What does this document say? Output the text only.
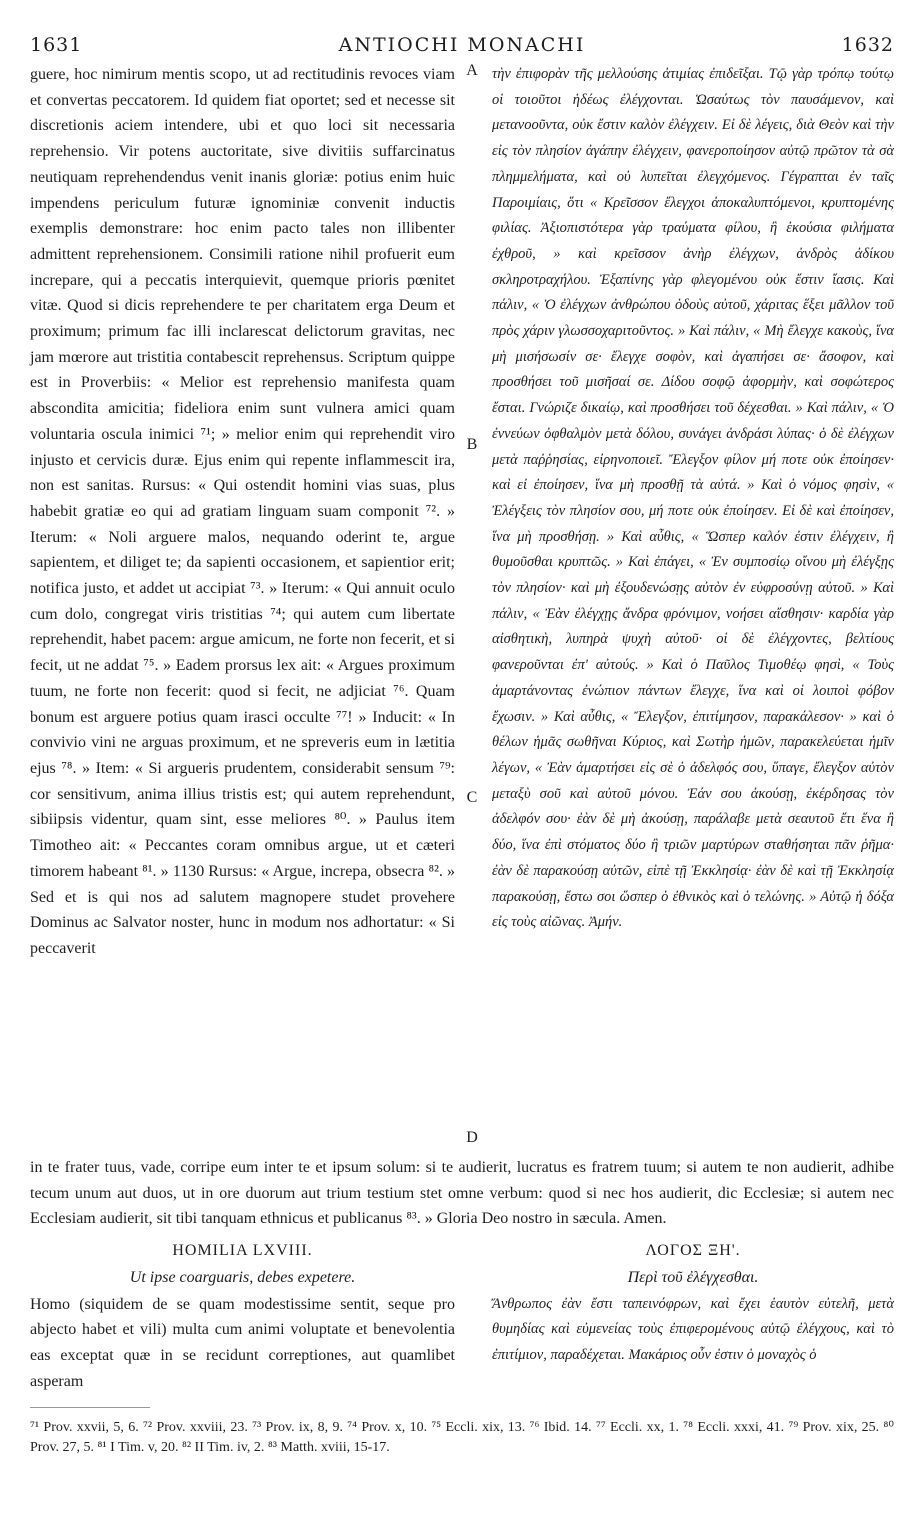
1631	ANTIOCHI MONACHI	1632

guere, hoc nimirum mentis scopo, ut ad rectitudinis revoces viam et convertas peccatorem. Id quidem fiat oportet; sed et necesse sit discretionis aciem intendere, ubi et quo loci sit necessaria reprehensio. Vir potens auctoritate, sive divitiis suffarcinatus neutiquam reprehendendus venit inanis gloriæ: potius enim huic impendens periculum futuræ ignominiæ convenit inductis exemplis demonstrare: hoc enim pacto tales non illibenter admittent reprehensionem. Consimili ratione nihil profuerit eum increpare, qui a peccatis interquievit, quemque prioris pœnitet vitæ. Quod si dicis reprehendere te per charitatem erga Deum et proximum; primum fac illi inclarescat delictorum gravitas, nec jam mœrore aut tristitia contabescit reprehensus. Scriptum quippe est in Proverbiis: « Melior est reprehensio manifesta quam abscondita amicitia; fideliora enim sunt vulnera amici quam voluntaria oscula inimici ⁷¹; » melior enim qui reprehendit viro injusto et cervicis duræ. Ejus enim qui repente inflammescit ira, non est sanitas. Rursus: « Qui ostendit homini vias suas, plus habebit gratiæ eo qui ad gratiam linguam suam componit ⁷². » Iterum: « Noli arguere malos, nequando oderint te, argue sapientem, et diliget te; da sapienti occasionem, et sapientior erit; notifica justo, et addet ut accipiat ⁷³. » Iterum: « Qui annuit oculo cum dolo, congregat viris tristitias ⁷⁴; qui autem cum libertate reprehendit, habet pacem: argue amicum, ne forte non fecerit, et si fecit, ut ne addat ⁷⁵. » Eadem prorsus lex ait: « Argues proximum tuum, ne forte non fecerit: quod si fecit, ne adjiciat ⁷⁶. Quam bonum est arguere potius quam irasci occulte ⁷⁷! » Inducit: « In convivio vini ne arguas proximum, et ne spreveris eum in lætitia ejus ⁷⁸. » Item: « Si argueris prudentem, considerabit sensum ⁷⁹: cor sensitivum, anima illius tristis est; qui autem reprehendunt, sibiipsis videntur, quam sint, esse meliores ⁸⁰. » Paulus item Timotheo ait: « Peccantes coram omnibus argue, ut et cæteri timorem habeant ⁸¹. » 1130 Rursus: « Argue, increpa, obsecra ⁸². » Sed et is qui nos ad salutem magnopere studet provehere Dominus ac Salvator noster, hunc in modum nos adhortatur: « Si peccaverit

τὴν ἐπιφορὰν τῆς μελλούσης ἀτιμίας ἐπιδεῖξαι. Τῷ γὰρ τρόπῳ τούτῳ οἱ τοιοῦτοι ἡδέως ἐλέγχονται. Ὡσαύτως τὸν παυσάμενον, καὶ μετανοοῦντα, οὐκ ἔστιν καλὸν ἐλέγχειν. Εἰ δὲ λέγεις, διὰ Θεὸν καὶ τὴν εἰς τὸν πλησίον ἀγάπην ἐλέγχειν, φανεροποίησον αὐτῷ πρῶτον τὰ σὰ πλημμελήματα, καὶ οὐ λυπεῖται ἐλεγχόμενος. Γέγραπται ἐν ταῖς Παροιμίαις, ὅτι « Κρεῖσσον ἔλεγχοι ἀποκαλυπτόμενοι, κρυπτομένης φιλίας. Ἀξιοπιστότερα γὰρ τραύματα φίλου, ἢ ἑκούσια φιλήματα ἐχθροῦ, » καὶ κρεῖσσον ἀνὴρ ἐλέγχων, ἀνδρὸς ἀδίκου σκληροτραχήλου. Ἐξαπίνης γὰρ φλεγομένου οὐκ ἔστιν ἴασις. Καὶ πάλιν, « Ὁ ἐλέγχων ἀνθρώπου ὁδοὺς αὐτοῦ, χάριτας ἕξει μᾶλλον τοῦ πρὸς χάριν γλωσσοχαριτοῦντος. » Καὶ πάλιν, « Μὴ ἔλεγχε κακοὺς, ἵνα μὴ μισήσωσίν σε· ἔλεγχε σοφὸν, καὶ ἀγαπήσει σε· ἄσοφον, καὶ προσθήσει τοῦ μισῆσαί σε. Δίδου σοφῷ ἀφορμὴν, καὶ σοφώτερος ἔσται. Γνώριζε δικαίῳ, καὶ προσθήσει τοῦ δέχεσθαι. » Καὶ πάλιν, « Ὁ ἐννεύων ὀφθαλμὸν μετὰ δόλου, συνάγει ἀνδράσι λύπας· ὁ δὲ ἐλέγχων μετὰ παῤῥησίας, εἰρηνοποιεῖ. Ἔλεγξον φίλον μή ποτε οὐκ ἐποίησεν· καὶ εἰ ἐποίησεν, ἵνα μὴ προσθῇ τὰ αὐτά. » Καὶ ὁ νόμος φησὶν, « Ἐλέγξεις τὸν πλησίον σου, μή ποτε οὐκ ἐποίησεν. Εἰ δὲ καὶ ἐποίησεν, ἵνα μὴ προσθήσῃ. » Καὶ αὖθις, « Ὥσπερ καλόν ἐστιν ἐλέγχειν, ἢ θυμοῦσθαι κρυπτῶς. » Καὶ ἐπάγει, « Ἐν συμποσίῳ οἴνου μὴ ἐλέγξῃς τὸν πλησίον· καὶ μὴ ἐξουδενώσῃς αὐτὸν ἐν εὐφροσύνῃ αὐτοῦ. » Καὶ πάλιν, « Ἐὰν ἐλέγχῃς ἄνδρα φρόνιμον, νοήσει αἴσθησιν· καρδία γὰρ αἰσθητικὴ, λυπηρὰ ψυχὴ αὐτοῦ· οἱ δὲ ἐλέγχοντες, βελτίους φανεροῦνται ἐπ' αὐτούς. » Καὶ ὁ Παῦλος Τιμοθέῳ φησὶ, « Τοὺς ἁμαρτάνοντας ἐνώπιον πάντων ἔλεγχε, ἵνα καὶ οἱ λοιποὶ φόβον ἔχωσιν. » Καὶ αὖθις, « Ἔλεγξον, ἐπιτίμησον, παρακάλεσον· » καὶ ὁ θέλων ἡμᾶς σωθῆναι Κύριος, καὶ Σωτὴρ ἡμῶν, παρακελεύεται ἡμῖν λέγων, « Ἐὰν ἁμαρτήσει εἰς σὲ ὁ ἀδελφός σου, ὕπαγε, ἔλεγξον αὐτὸν μεταξὺ σοῦ καὶ αὐτοῦ μόνου. Ἐάν σου ἀκούσῃ, ἐκέρδησας τὸν ἀδελφόν σου· ἐὰν δὲ μὴ ἀκούσῃ, παράλαβε μετὰ σεαυτοῦ ἔτι ἕνα ἢ δύο, ἵνα ἐπὶ στόματος δύο ἢ τριῶν μαρτύρων σταθήσηται πᾶν ῥῆμα· ἐὰν δὲ παρακούσῃ αὐτῶν, εἰπὲ τῇ Ἐκκλησίᾳ· ἐὰν δὲ καὶ τῇ Ἐκκλησίᾳ παρακούσῃ, ἔστω σοι ὥσπερ ὁ ἐθνικὸς καὶ ὁ τελώνης. » Αὐτῷ ἡ δόξα εἰς τοὺς αἰῶνας. Ἀμήν.

A
B
C
D

in te frater tuus, vade, corripe eum inter te et ipsum solum: si te audierit, lucratus es fratrem tuum; si autem te non audierit, adhibe tecum unum aut duos, ut in ore duorum aut trium testium stet omne verbum: quod si nec hos audierit, dic Ecclesiæ; si autem nec Ecclesiam audierit, sit tibi tanquam ethnicus et publicanus ⁸³. » Gloria Deo nostro in sæcula. Amen.

HOMILIA LXVIII.
Ut ipse coarguaris, debes expetere.

Homo (siquidem de se quam modestissime sentit, seque pro abjecto habet et vili) multa cum animi voluptate et benevolentia eas exceptat quæ in se recidunt correptiones, aut quamlibet asperam

ΛΟΓΟΣ ΞΗ'.
Περὶ τοῦ ἐλέγχεσθαι.

Ἄνθρωπος ἐὰν ἔστι ταπεινόφρων, καὶ ἔχει ἑαυτὸν εὐτελῆ, μετὰ θυμηδίας καὶ εὐμενείας τοὺς ἐπιφερομένους αὐτῷ ἐλέγχους, καὶ τὸ ἐπιτίμιον, παραδέχεται. Μακάριος οὖν ἐστιν ὁ μοναχὸς ὁ

⁷¹ Prov. xxvii, 5, 6. ⁷² Prov. xxviii, 23. ⁷³ Prov. ix, 8, 9. ⁷⁴ Prov. x, 10. ⁷⁵ Eccli. xix, 13. ⁷⁶ Ibid. 14. ⁷⁷ Eccli. xx, 1. ⁷⁸ Eccli. xxxi, 41. ⁷⁹ Prov. xix, 25. ⁸⁰ Prov. 27, 5. ⁸¹ I Tim. v, 20. ⁸² II Tim. iv, 2. ⁸³ Matth. xviii, 15-17.
